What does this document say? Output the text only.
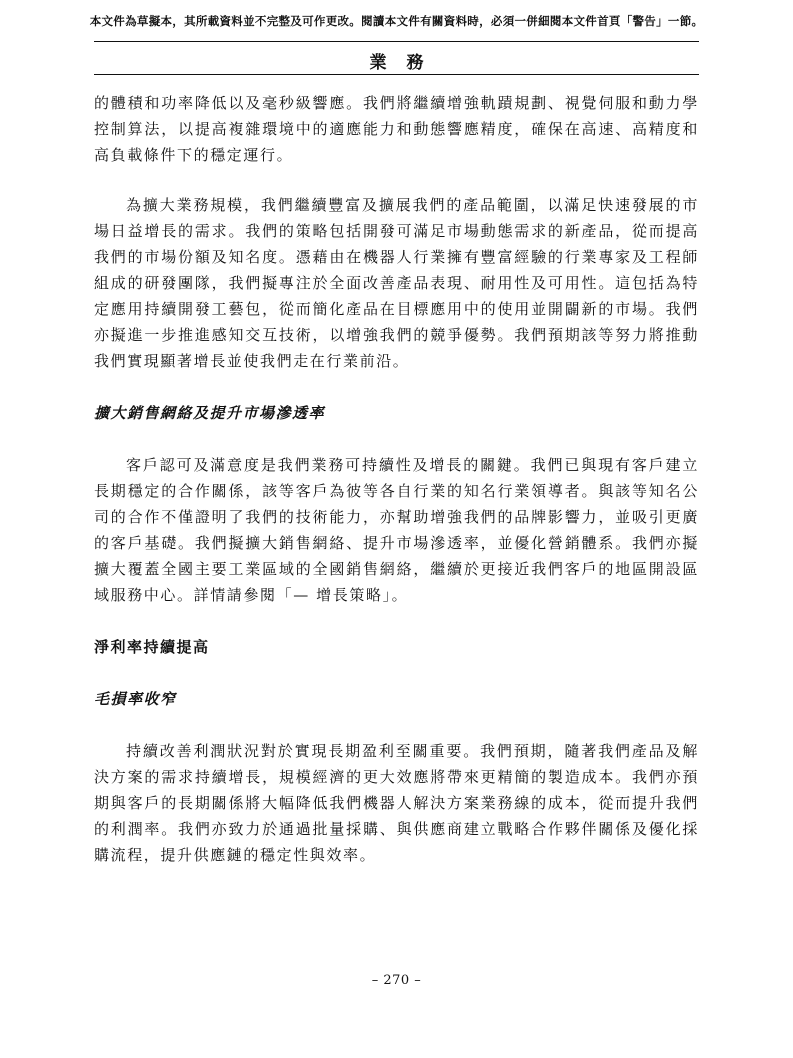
本文件為草擬本，其所載資料並不完整及可作更改。閱讀本文件有關資料時，必須一併細閱本文件首頁「警告」一節。
業務

的體積和功率降低以及毫秒級響應。我們將繼續增強軌蹟規劃、視覺伺服和動力學控制算法，以提高複雜環境中的適應能力和動態響應精度，確保在高速、高精度和高負載條件下的穩定運行。

為擴大業務規模，我們繼續豐富及擴展我們的產品範圍，以滿足快速發展的市場日益增長的需求。我們的策略包括開發可滿足市場動態需求的新產品，從而提高我們的市場份額及知名度。憑藉由在機器人行業擁有豐富經驗的行業專家及工程師組成的研發團隊，我們擬專注於全面改善產品表現、耐用性及可用性。這包括為特定應用持續開發工藝包，從而簡化產品在目標應用中的使用並開闢新的市場。我們亦擬進一步推進感知交互技術，以增強我們的競爭優勢。我們預期該等努力將推動我們實現顯著增長並使我們走在行業前沿。

擴大銷售網絡及提升市場滲透率

客戶認可及滿意度是我們業務可持續性及增長的關鍵。我們已與現有客戶建立長期穩定的合作關係，該等客戶為彼等各自行業的知名行業領導者。與該等知名公司的合作不僅證明了我們的技術能力，亦幫助增強我們的品牌影響力，並吸引更廣的客戶基礎。我們擬擴大銷售網絡、提升市場滲透率，並優化營銷體系。我們亦擬擴大覆蓋全國主要工業區域的全國銷售網絡，繼續於更接近我們客戶的地區開設區域服務中心。詳情請參閱「— 增長策略」。

淨利率持續提高

毛損率收窄

持續改善利潤狀況對於實現長期盈利至關重要。我們預期，隨著我們產品及解決方案的需求持續增長，規模經濟的更大效應將帶來更精簡的製造成本。我們亦預期與客戶的長期關係將大幅降低我們機器人解決方案業務線的成本，從而提升我們的利潤率。我們亦致力於通過批量採購、與供應商建立戰略合作夥伴關係及優化採購流程，提升供應鏈的穩定性與效率。

– 270 –
